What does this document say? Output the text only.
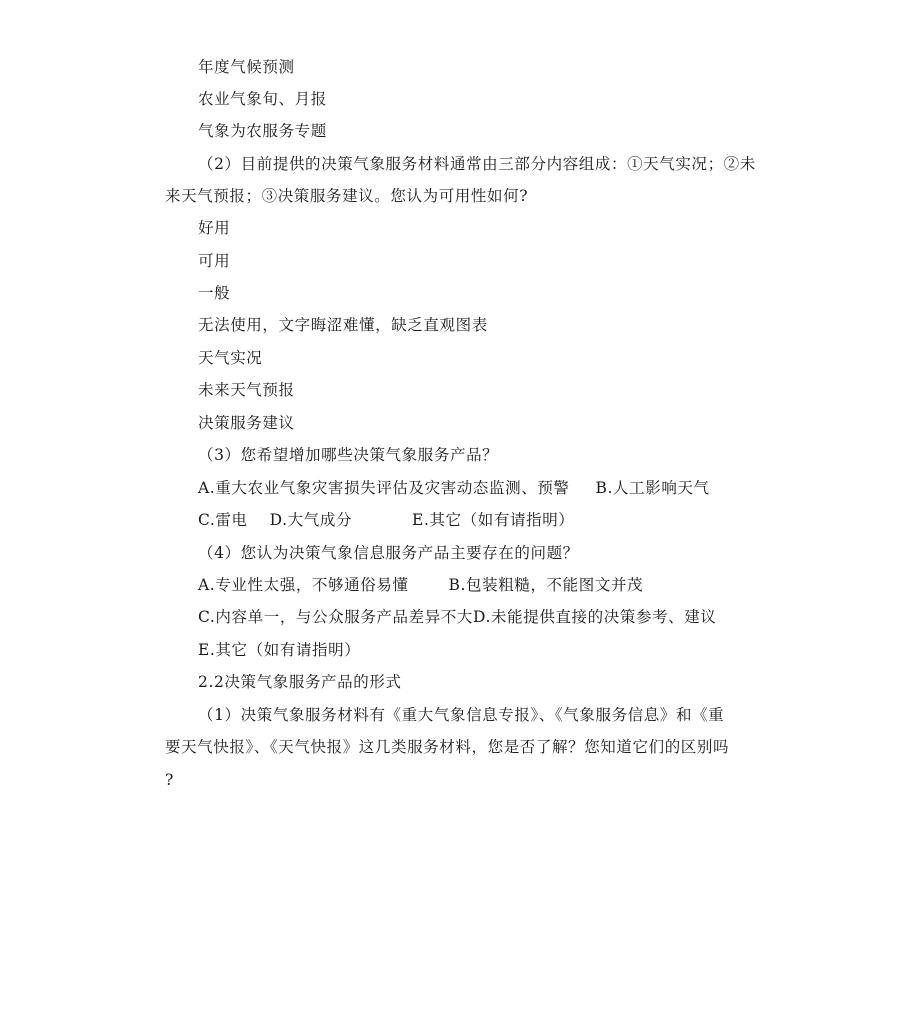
年度气候预测
农业气象旬、月报
气象为农服务专题
（2）目前提供的决策气象服务材料通常由三部分内容组成：①天气实况；②未
来天气预报；③决策服务建议。您认为可用性如何?
好用
可用
一般
无法使用，文字晦涩难懂，缺乏直观图表
天气实况
未来天气预报
决策服务建议
（3）您希望增加哪些决策气象服务产品？
A.重大农业气象灾害损失评估及灾害动态监测、预警 B.人工影响天气
C.雷电 D.大气成分	E.其它（如有请指明）
（4）您认为决策气象信息服务产品主要存在的问题？
A.专业性太强，不够通俗易懂	B.包装粗糙，不能图文并茂
C.内容单一，与公众服务产品差异不大D.未能提供直接的决策参考、建议
E.其它（如有请指明）
2.2决策气象服务产品的形式
（1）决策气象服务材料有《重大气象信息专报》、《气象服务信息》和《重
要天气快报》、《天气快报》这几类服务材料，您是否了解？您知道它们的区别吗
?
